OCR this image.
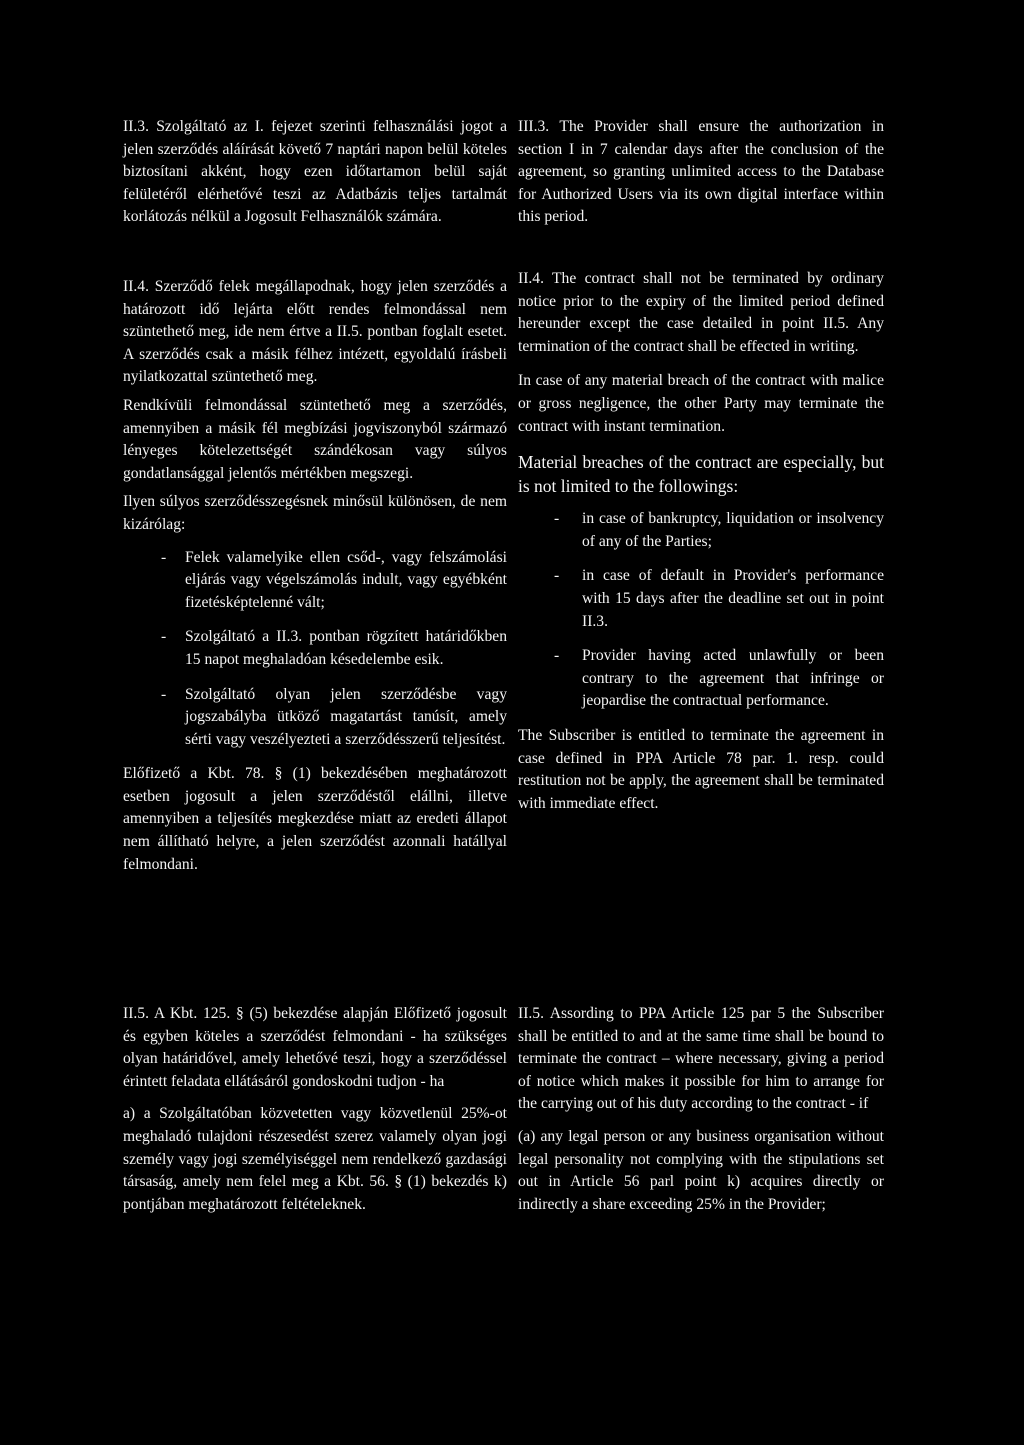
II.3. Szolgáltató az I. fejezet szerinti felhasználási jogot a jelen szerződés aláírását követő 7 naptári napon belül köteles biztosítani akként, hogy ezen időtartamon belül saját felületéről elérhetővé teszi az Adatbázis teljes tartalmát korlátozás nélkül a Jogosult Felhasználók számára.

II.4. Szerződő felek megállapodnak, hogy jelen szerződés a határozott idő lejárta előtt rendes felmondással nem szüntethető meg, ide nem értve a II.5. pontban foglalt esetet. A szerződés csak a másik félhez intézett, egyoldalú írásbeli nyilatkozattal szüntethető meg.

Rendkívüli felmondással szüntethető meg a szerződés, amennyiben a másik fél megbízási jogviszonyból származó lényeges kötelezettségét szándékosan vagy súlyos gondatlansággal jelentős mértékben megszegi.

Ilyen súlyos szerződésszegésnek minősül különösen, de nem kizárólag:

- Felek valamelyike ellen csőd-, vagy felszámolási eljárás vagy végelszámolás indult, vagy egyébként fizetésképtelenné vált;
- Szolgáltató a II.3. pontban rögzített határidőkben 15 napot meghaladóan késedelembe esik.
- Szolgáltató olyan jelen szerződésbe vagy jogszabályba ütköző magatartást tanúsít, amely sérti vagy veszélyezteti a szerződésszerű teljesítést.

Előfizető a Kbt. 78. § (1) bekezdésében meghatározott esetben jogosult a jelen szerződéstől elállni, illetve amennyiben a teljesítés megkezdése miatt az eredeti állapot nem állítható helyre, a jelen szerződést azonnali hatállyal felmondani.

II.5. A Kbt. 125. § (5) bekezdése alapján Előfizető jogosult és egyben köteles a szerződést felmondani - ha szükséges olyan határidővel, amely lehetővé teszi, hogy a szerződéssel érintett feladata ellátásáról gondoskodni tudjon - ha

a) a Szolgáltatóban közvetetten vagy közvetlenül 25%-ot meghaladó tulajdoni részesedést szerez valamely olyan jogi személy vagy jogi személyiséggel nem rendelkező gazdasági társaság, amely nem felel meg a Kbt. 56. § (1) bekezdés k) pontjában meghatározott feltételeknek.

III.3. The Provider shall ensure the authorization in section I in 7 calendar days after the conclusion of the agreement, so granting unlimited access to the Database for Authorized Users via its own digital interface within this period.

II.4. The contract shall not be terminated by ordinary notice prior to the expiry of the limited period defined hereunder except the case detailed in point II.5. Any termination of the contract shall be effected in writing.

In case of any material breach of the contract with malice or gross negligence, the other Party may terminate the contract with instant termination.

Material breaches of the contract are especially, but is not limited to the followings:

- in case of bankruptcy, liquidation or insolvency of any of the Parties;
- in case of default in Provider's performance with 15 days after the deadline set out in point II.3.
- Provider having acted unlawfully or been contrary to the agreement that infringe or jeopardise the contractual performance.

The Subscriber is entitled to terminate the agreement in case defined in PPA Article 78 par. 1. resp. could restitution not be apply, the agreement shall be terminated with immediate effect.

II.5. Assording to PPA Article 125 par 5 the Subscriber shall be entitled to and at the same time shall be bound to terminate the contract – where necessary, giving a period of notice which makes it possible for him to arrange for the carrying out of his duty according to the contract - if

(a) any legal person or any business organisation without legal personality not complying with the stipulations set out in Article 56 parl point k) acquires directly or indirectly a share exceeding 25% in the Provider;
